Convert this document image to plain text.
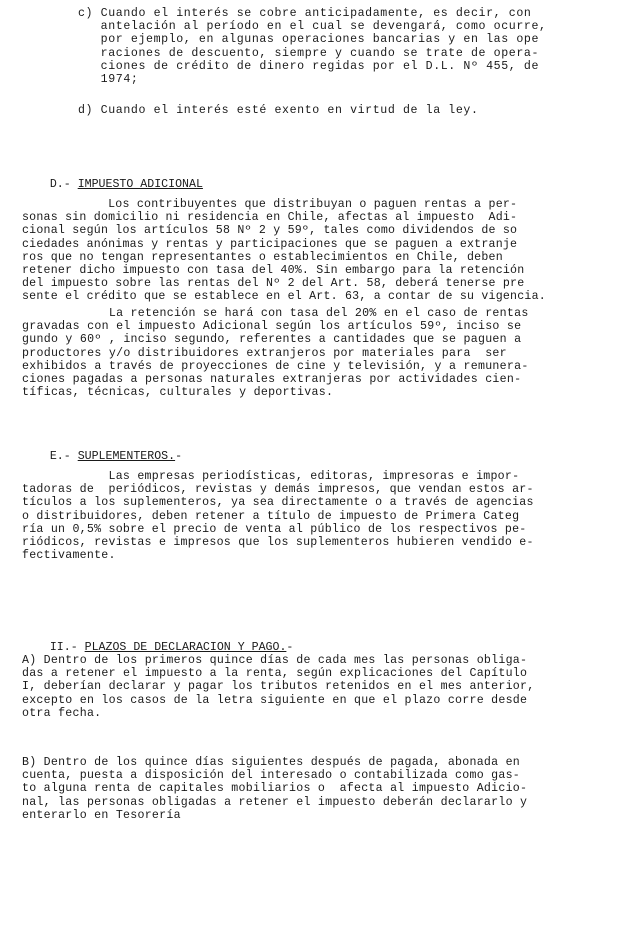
c) Cuando el interés se cobre anticipadamente, es decir, con
antelación al período en el cual se devengará, como ocurre,
por ejemplo, en algunas operaciones bancarias y en las ope
raciones de descuento, siempre y cuando se trate de opera-
ciones de crédito de dinero regidas por el D.L. Nº 455, de
1974;
d) Cuando el interés esté exento en virtud de la ley.

D.- IMPUESTO ADICIONAL

Los contribuyentes que distribuyan o paguen rentas a per-
sonas sin domicilio ni residencia en Chile, afectas al impuesto  Adi-
cional según los artículos 58 Nº 2 y 59º, tales como dividendos de so
ciedades anónimas y rentas y participaciones que se paguen a extranje
ros que no tengan representantes o establecimientos en Chile, deben
retener dicho impuesto con tasa del 40%. Sin embargo para la retención
del impuesto sobre las rentas del Nº 2 del Art. 58, deberá tenerse pre
sente el crédito que se establece en el Art. 63, a contar de su vigencia.
La retención se hará con tasa del 20% en el caso de rentas
gravadas con el impuesto Adicional según los artículos 59º, inciso se
gundo y 60º , inciso segundo, referentes a cantidades que se paguen a
productores y/o distribuidores extranjeros por materiales para  ser
exhibidos a través de proyecciones de cine y televisión, y a remunera-
ciones pagadas a personas naturales extranjeras por actividades cien-
tíficas, técnicas, culturales y deportivas.

E.- SUPLEMENTEROS.-

Las empresas periodísticas, editoras, impresoras e impor-
tadoras de  periódicos, revistas y demás impresos, que vendan estos ar-
tículos a los suplementeros, ya sea directamente o a través de agencias
o distribuidores, deben retener a título de impuesto de Primera Categ
ría un 0,5% sobre el precio de venta al público de los respectivos pe-
riódicos, revistas e impresos que los suplementeros hubieren vendido e-
fectivamente.

II.- PLAZOS DE DECLARACION Y PAGO.-

A) Dentro de los primeros quince días de cada mes las personas obliga-
das a retener el impuesto a la renta, según explicaciones del Capítulo
I, deberían declarar y pagar los tributos retenidos en el mes anterior,
excepto en los casos de la letra siguiente en que el plazo corre desde
otra fecha.
B) Dentro de los quince días siguientes después de pagada, abonada en
cuenta, puesta a disposición del interesado o contabilizada como gas-
to alguna renta de capitales mobiliarios o  afecta al impuesto Adicio-
nal, las personas obligadas a retener el impuesto deberán declararlo y
enterarlo en Tesorería
